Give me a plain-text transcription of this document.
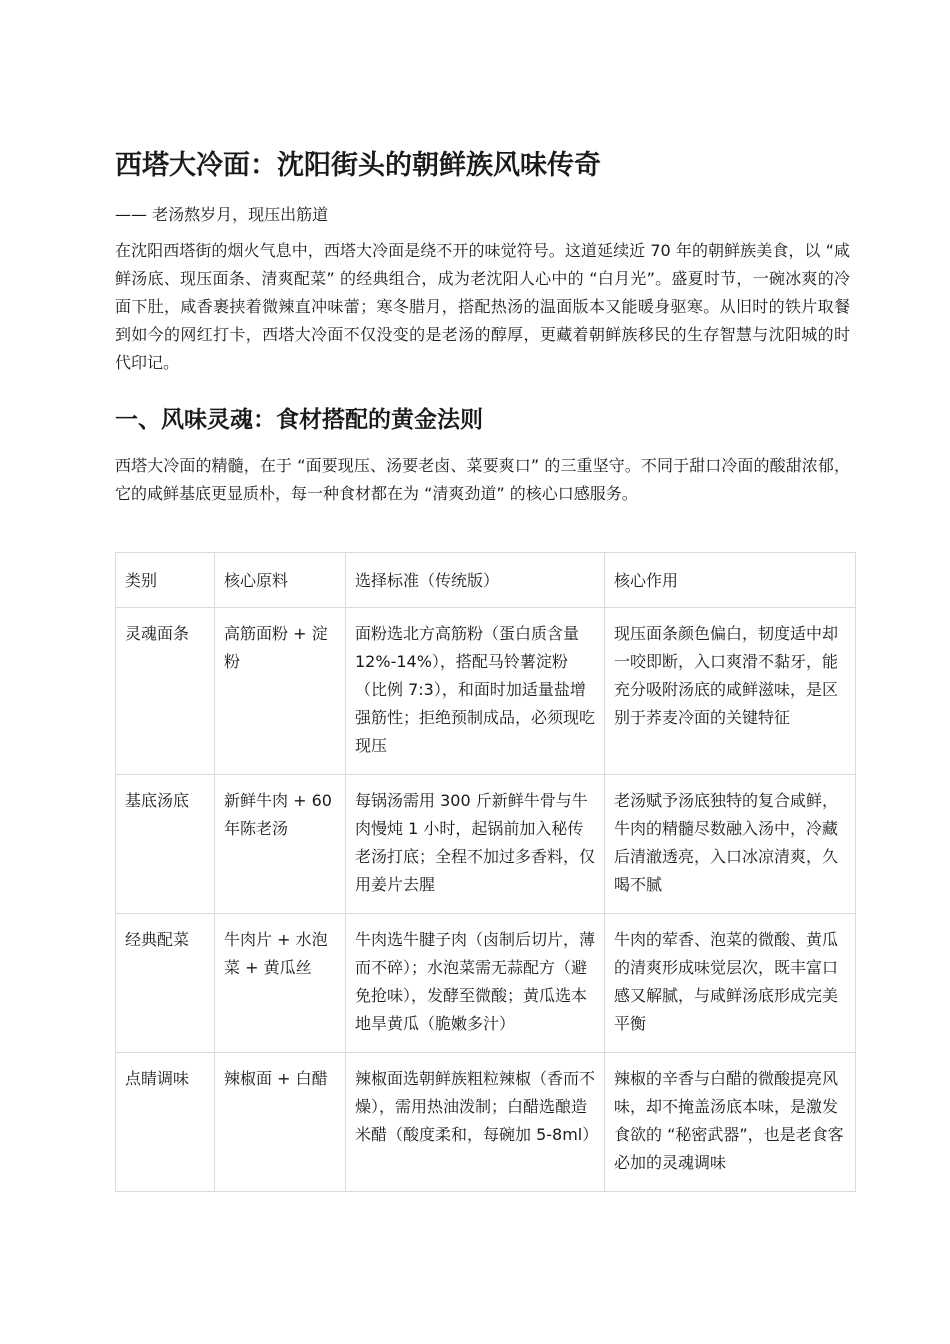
西塔大冷面：沈阳街头的朝鲜族风味传奇

—— 老汤熬岁月，现压出筋道

在沈阳西塔街的烟火气息中，西塔大冷面是绕不开的味觉符号。这道延续近 70 年的朝鲜族美食，以 “咸鲜汤底、现压面条、清爽配菜” 的经典组合，成为老沈阳人心中的 “白月光”。盛夏时节，一碗冰爽的冷面下肚，咸香裹挟着微辣直冲味蕾；寒冬腊月，搭配热汤的温面版本又能暖身驱寒。从旧时的铁片取餐到如今的网红打卡，西塔大冷面不仅没变的是老汤的醇厚，更藏着朝鲜族移民的生存智慧与沈阳城的时代印记。

一、风味灵魂：食材搭配的黄金法则

西塔大冷面的精髓，在于 “面要现压、汤要老卤、菜要爽口” 的三重坚守。不同于甜口冷面的酸甜浓郁，它的咸鲜基底更显质朴，每一种食材都在为 “清爽劲道” 的核心口感服务。

类别	核心原料	选择标准（传统版）	核心作用
灵魂面条	高筋面粉 + 淀粉	面粉选北方高筋粉（蛋白质含量 12%-14%），搭配马铃薯淀粉（比例 7:3），和面时加适量盐增强筋性；拒绝预制成品，必须现吃现压	现压面条颜色偏白，韧度适中却一咬即断，入口爽滑不黏牙，能充分吸附汤底的咸鲜滋味，是区别于荞麦冷面的关键特征
基底汤底	新鲜牛肉 + 60 年陈老汤	每锅汤需用 300 斤新鲜牛骨与牛肉慢炖 1 小时，起锅前加入秘传老汤打底；全程不加过多香料，仅用姜片去腥	老汤赋予汤底独特的复合咸鲜，牛肉的精髓尽数融入汤中，冷藏后清澈透亮，入口冰凉清爽，久喝不腻
经典配菜	牛肉片 + 水泡菜 + 黄瓜丝	牛肉选牛腱子肉（卤制后切片，薄而不碎）；水泡菜需无蒜配方（避免抢味），发酵至微酸；黄瓜选本地旱黄瓜（脆嫩多汁）	牛肉的荤香、泡菜的微酸、黄瓜的清爽形成味觉层次，既丰富口感又解腻，与咸鲜汤底形成完美平衡
点睛调味	辣椒面 + 白醋	辣椒面选朝鲜族粗粒辣椒（香而不燥），需用热油泼制；白醋选酿造米醋（酸度柔和，每碗加 5-8ml）	辣椒的辛香与白醋的微酸提亮风味，却不掩盖汤底本味，是激发食欲的 “秘密武器”，也是老食客必加的灵魂调味
